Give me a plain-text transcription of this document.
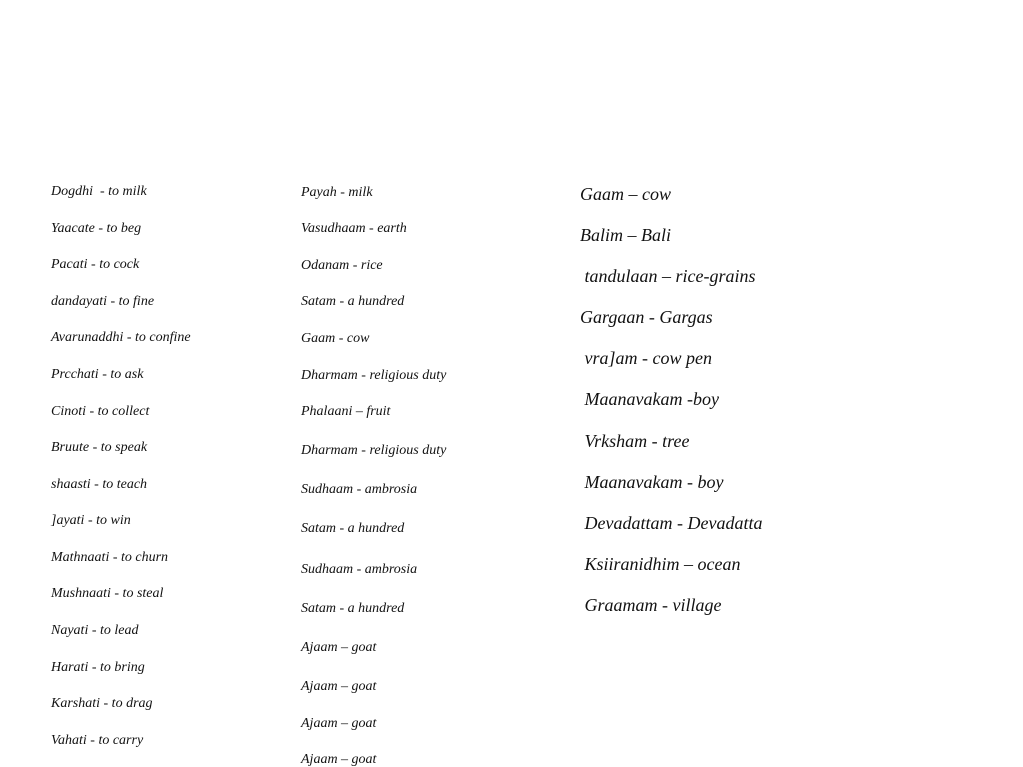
Dogdhi  - to milk
Yaacate - to beg
Pacati - to cock
dandayati - to fine
Avarunaddhi - to confine
Prcchati - to ask
Cinoti - to collect
Bruute - to speak
shaasti - to teach
]ayati - to win
Mathnaati - to churn
Mushnaati - to steal
Nayati - to lead
Harati - to bring
Karshati - to drag
Vahati - to carry
Payah - milk
Vasudhaam - earth
Odanam - rice
Satam - a hundred
Gaam - cow
Dharmam - religious duty
Phalaani – fruit
Dharmam - religious duty
Sudhaam - ambrosia
Satam - a hundred
Sudhaam - ambrosia
Satam - a hundred
Ajaam – goat
Ajaam – goat
Ajaam – goat
Ajaam – goat
Gaam – cow
Balim – Bali
tandulaan – rice-grains
Gargaan - Gargas
vra]am - cow pen
Maanavakam -boy
Vrksham - tree
Maanavakam - boy
Devadattam - Devadatta
Ksiiranidhim – ocean
Graamam - village
